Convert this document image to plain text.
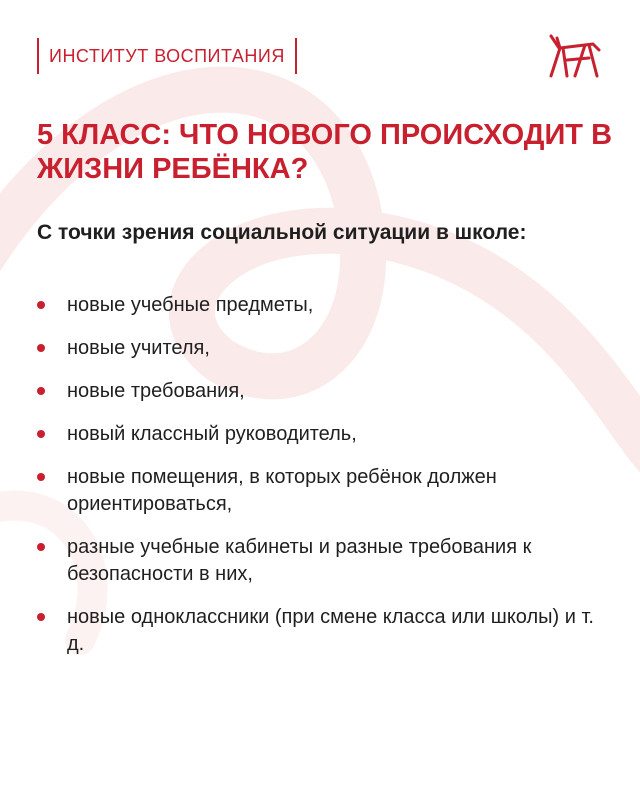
ИНСТИТУТ ВОСПИТАНИЯ
5 КЛАСС: ЧТО НОВОГО ПРОИСХОДИТ В ЖИЗНИ РЕБЁНКА?

С точки зрения социальной ситуации в школе:

новые учебные предметы,
новые учителя,
новые требования,
новый классный руководитель,
новые помещения, в которых ребёнок должен ориентироваться,
разные учебные кабинеты и разные требования к безопасности в них,
новые одноклассники (при смене класса или школы) и т. д.
